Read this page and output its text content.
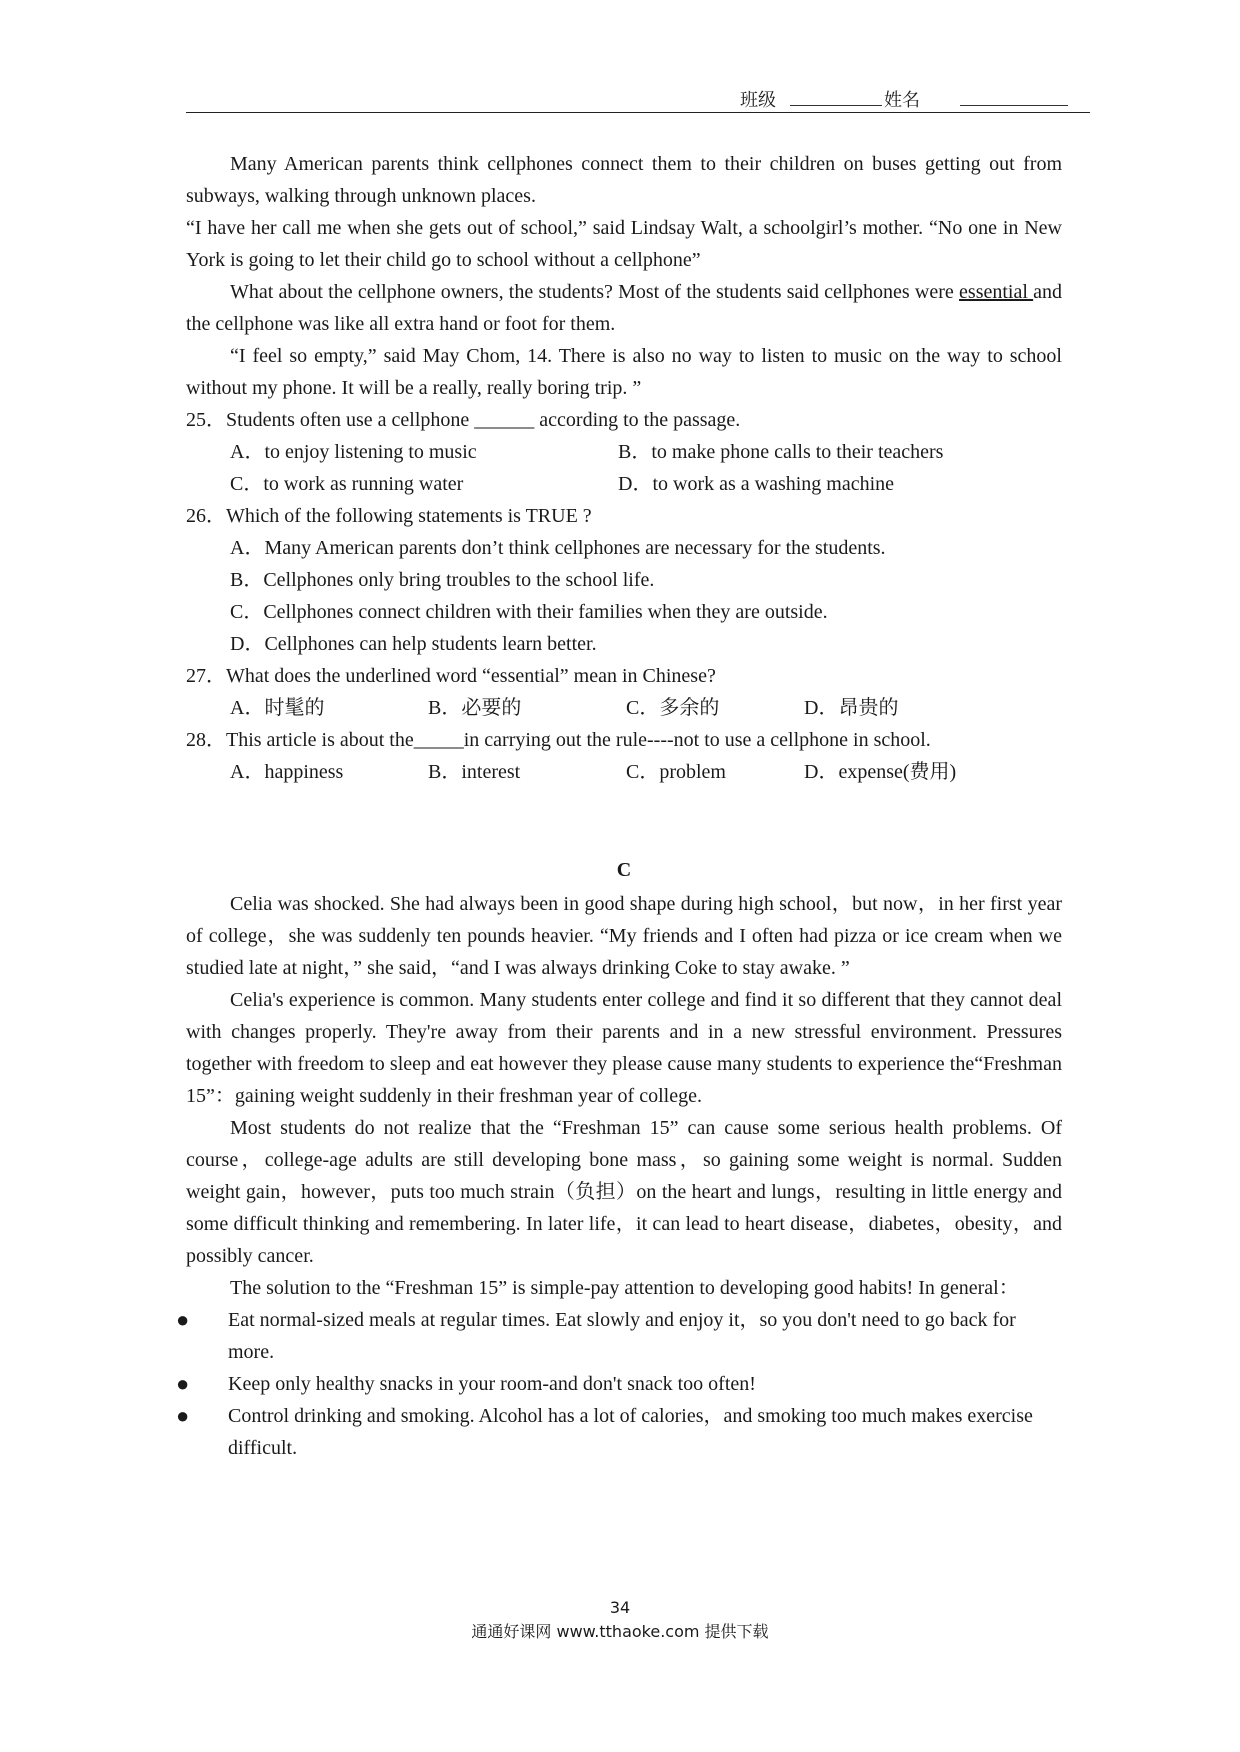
班级	姓名

Many American parents think cellphones connect them to their children on buses getting out from subways, walking through unknown places.

“I have her call me when she gets out of school,” said Lindsay Walt, a schoolgirl’s mother. “No one in New York is going to let their child go to school without a cellphone”

What about the cellphone owners, the students? Most of the students said cellphones were essential and the cellphone was like all extra hand or foot for them.

“I feel so empty,” said May Chom, 14. There is also no way to listen to music on the way to school without my phone. It will be a really, really boring trip. ”

25．Students often use a cellphone ______ according to the passage.

A．to enjoy listening to music	B．to make phone calls to their teachers
C．to work as running water	D．to work as a washing machine

26．Which of the following statements is TRUE ?

A．Many American parents don’t think cellphones are necessary for the students.
B．Cellphones only bring troubles to the school life.
C．Cellphones connect children with their families when they are outside.
D．Cellphones can help students learn better.

27．What does the underlined word “essential” mean in Chinese?

A．时髦的	B．必要的	C．多余的	D．昂贵的

28．This article is about the_____in carrying out the rule----not to use a cellphone in school.

A．happiness	B．interest	C．problem	D．expense(费用)

C

Celia was shocked. She had always been in good shape during high school，but now，in her first year of college，she was suddenly ten pounds heavier. “My friends and I often had pizza or ice cream when we studied late at night，” she said，“and I was always drinking Coke to stay awake. ”

Celia's experience is common. Many students enter college and find it so different that they cannot deal with changes properly. They're away from their parents and in a new stressful environment. Pressures together with freedom to sleep and eat however they please cause many students to experience the“Freshman 15”：gaining weight suddenly in their freshman year of college.

Most students do not realize that the “Freshman 15” can cause some serious health problems. Of course，college-age adults are still developing bone mass，so gaining some weight is normal. Sudden weight gain，however，puts too much strain（负担）on the heart and lungs，resulting in little energy and some difficult thinking and remembering. In later life，it can lead to heart disease，diabetes，obesity，and possibly cancer.

The solution to the “Freshman 15” is simple-pay attention to developing good habits! In general：

●	Eat normal-sized meals at regular times. Eat slowly and enjoy it，so you don't need to go back for more.
●	Keep only healthy snacks in your room-and don't snack too often!
●	Control drinking and smoking. Alcohol has a lot of calories，and smoking too much makes exercise difficult.
34
通通好课网 www.tthaoke.com 提供下载
